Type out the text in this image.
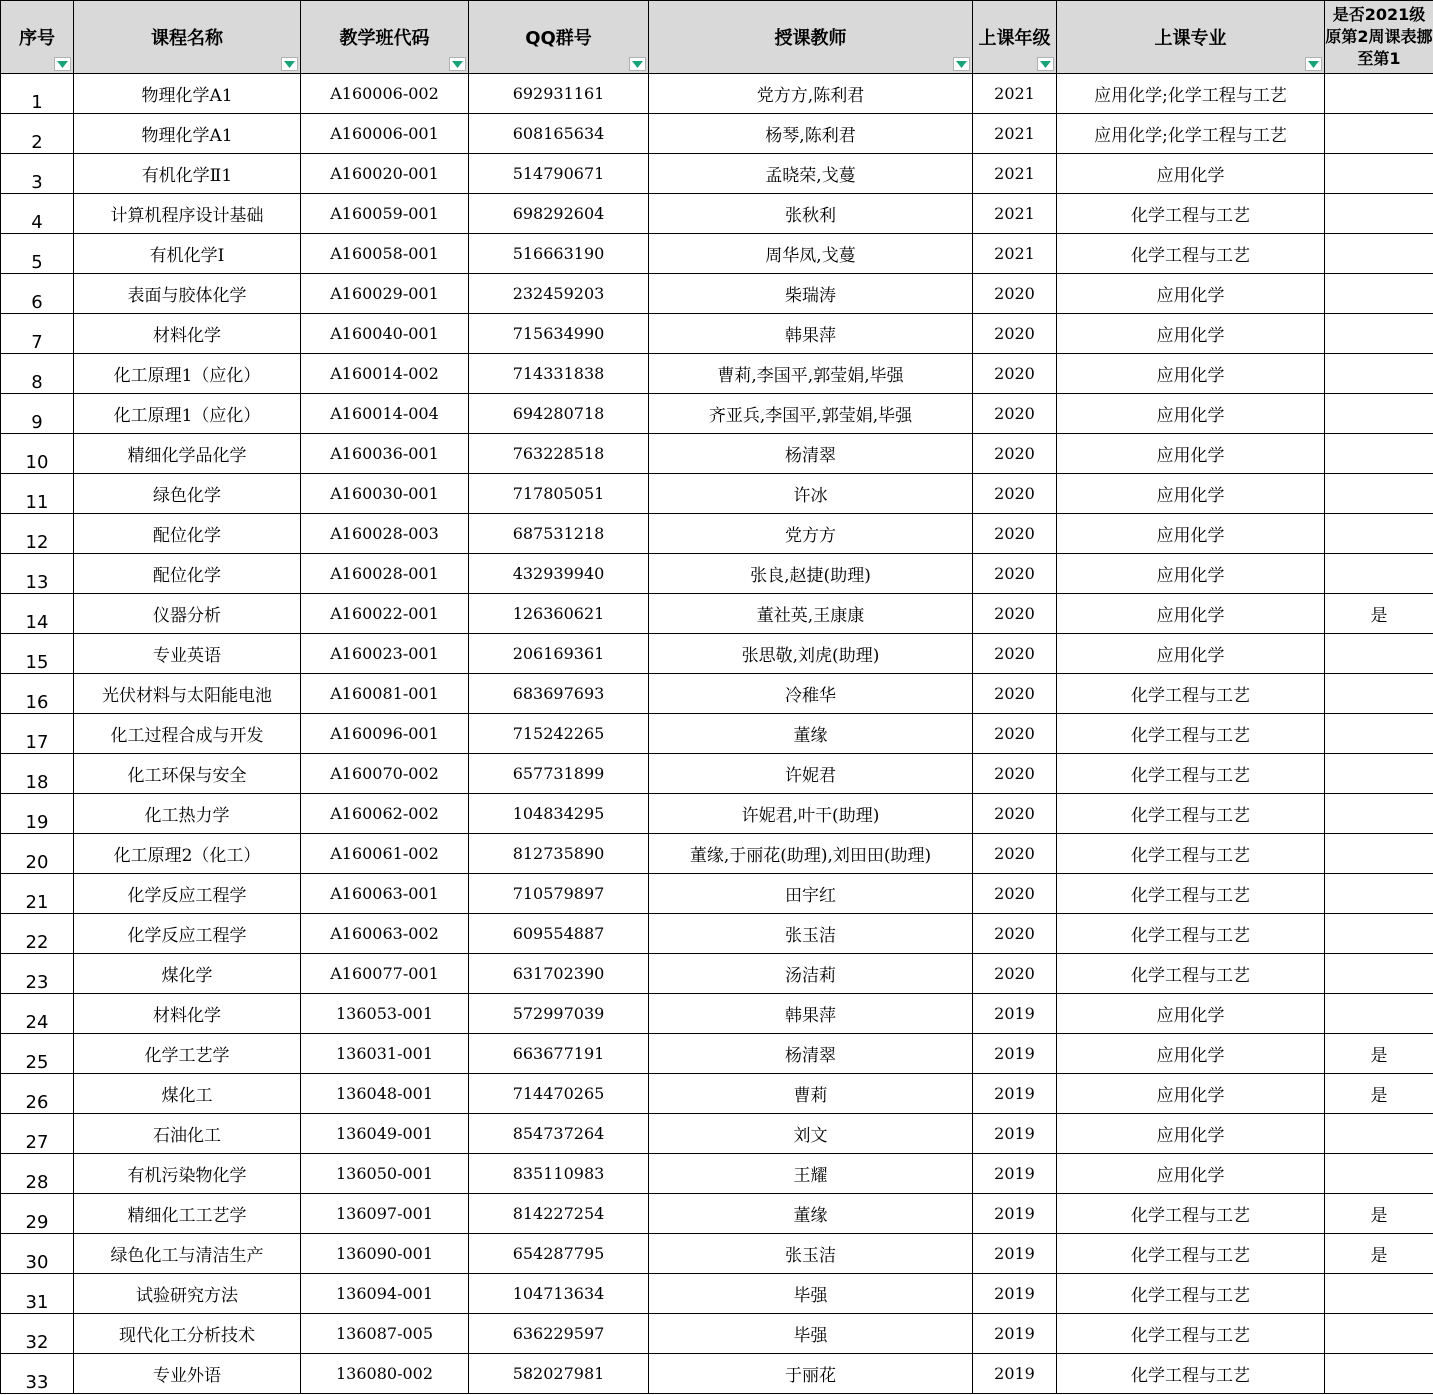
序号	课程名称	教学班代码	QQ群号	授课教师	上课年级	上课专业	是否2021级原第2周课表挪至第1
1	物理化学A1	A160006-002	692931161	党方方,陈利君	2021	应用化学;化学工程与工艺	
2	物理化学A1	A160006-001	608165634	杨琴,陈利君	2021	应用化学;化学工程与工艺	
3	有机化学Ⅱ1	A160020-001	514790671	孟晓荣,戈蔓	2021	应用化学	
4	计算机程序设计基础	A160059-001	698292604	张秋利	2021	化学工程与工艺	
5	有机化学Ⅰ	A160058-001	516663190	周华凤,戈蔓	2021	化学工程与工艺	
6	表面与胶体化学	A160029-001	232459203	柴瑞涛	2020	应用化学	
7	材料化学	A160040-001	715634990	韩果萍	2020	应用化学	
8	化工原理1（应化）	A160014-002	714331838	曹莉,李国平,郭莹娟,毕强	2020	应用化学	
9	化工原理1（应化）	A160014-004	694280718	齐亚兵,李国平,郭莹娟,毕强	2020	应用化学	
10	精细化学品化学	A160036-001	763228518	杨清翠	2020	应用化学	
11	绿色化学	A160030-001	717805051	许冰	2020	应用化学	
12	配位化学	A160028-003	687531218	党方方	2020	应用化学	
13	配位化学	A160028-001	432939940	张良,赵捷(助理)	2020	应用化学	
14	仪器分析	A160022-001	126360621	董社英,王康康	2020	应用化学	是
15	专业英语	A160023-001	206169361	张思敬,刘虎(助理)	2020	应用化学	
16	光伏材料与太阳能电池	A160081-001	683697693	冷稚华	2020	化学工程与工艺	
17	化工过程合成与开发	A160096-001	715242265	董缘	2020	化学工程与工艺	
18	化工环保与安全	A160070-002	657731899	许妮君	2020	化学工程与工艺	
19	化工热力学	A160062-002	104834295	许妮君,叶干(助理)	2020	化学工程与工艺	
20	化工原理2（化工）	A160061-002	812735890	董缘,于丽花(助理),刘田田(助理)	2020	化学工程与工艺	
21	化学反应工程学	A160063-001	710579897	田宇红	2020	化学工程与工艺	
22	化学反应工程学	A160063-002	609554887	张玉洁	2020	化学工程与工艺	
23	煤化学	A160077-001	631702390	汤洁莉	2020	化学工程与工艺	
24	材料化学	136053-001	572997039	韩果萍	2019	应用化学	
25	化学工艺学	136031-001	663677191	杨清翠	2019	应用化学	是
26	煤化工	136048-001	714470265	曹莉	2019	应用化学	是
27	石油化工	136049-001	854737264	刘文	2019	应用化学	
28	有机污染物化学	136050-001	835110983	王耀	2019	应用化学	
29	精细化工工艺学	136097-001	814227254	董缘	2019	化学工程与工艺	是
30	绿色化工与清洁生产	136090-001	654287795	张玉洁	2019	化学工程与工艺	是
31	试验研究方法	136094-001	104713634	毕强	2019	化学工程与工艺	
32	现代化工分析技术	136087-005	636229597	毕强	2019	化学工程与工艺	
33	专业外语	136080-002	582027981	于丽花	2019	化学工程与工艺	
